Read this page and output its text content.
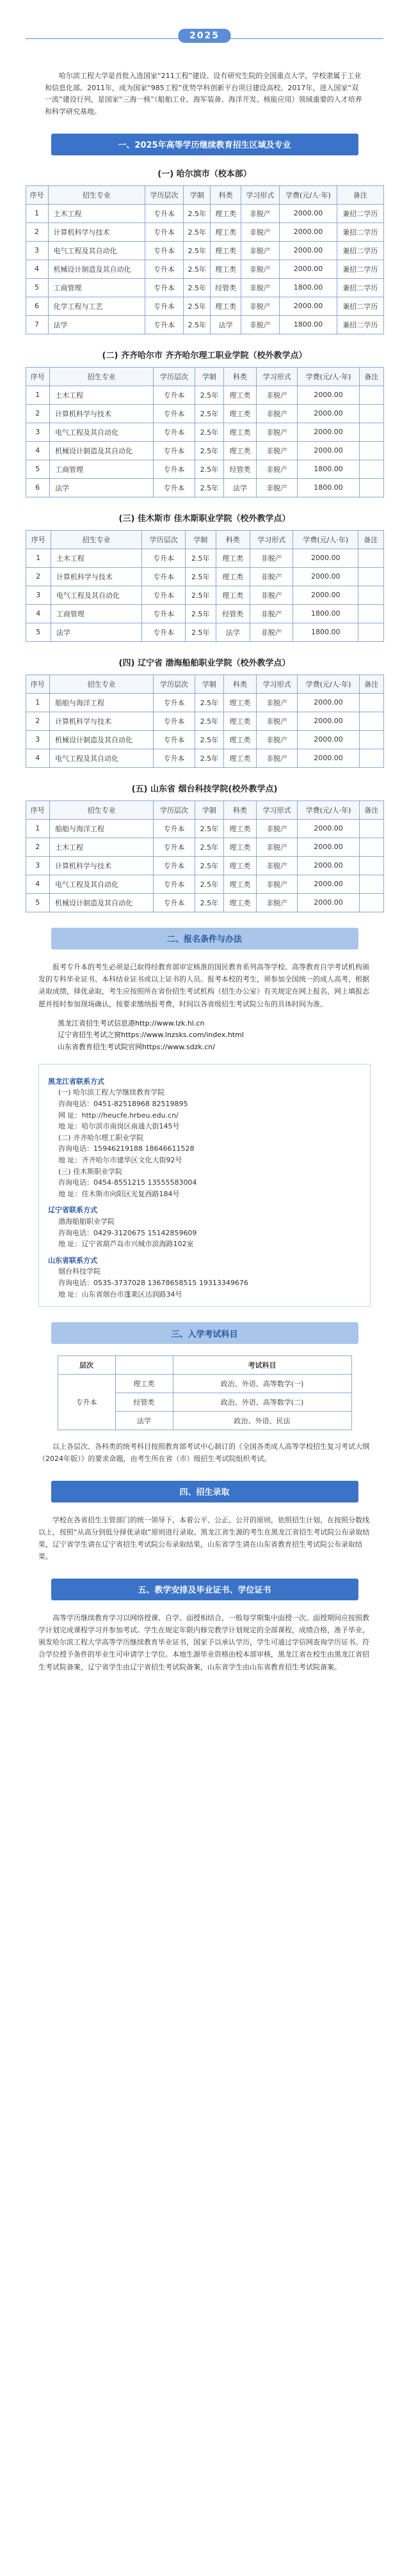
2025

哈尔滨工程大学是首批入选国家“211工程”建设、设有研究生院的全国重点大学，学校隶属于工业和信息化部。2011年，成为国家“985工程”优势学科创新平台项目建设高校。2017年，进入国家“双一流”建设行列，是国家“三海一核”（船舶工业、海军装备、海洋开发、核能应用）领域重要的人才培养和科学研究基地。

一、2025年高等学历继续教育招生区域及专业
(一) 哈尔滨市（校本部）
序号	招生专业	学历层次	学制	科类	学习形式	学费(元/人·年)	备注
1	土木工程	专升本	2.5年	理工类	非脱产	2000.00	兼招二学历
2	计算机科学与技术	专升本	2.5年	理工类	非脱产	2000.00	兼招二学历
3	电气工程及其自动化	专升本	2.5年	理工类	非脱产	2000.00	兼招二学历
4	机械设计制造及其自动化	专升本	2.5年	理工类	非脱产	2000.00	兼招二学历
5	工商管理	专升本	2.5年	经管类	非脱产	1800.00	兼招二学历
6	化学工程与工艺	专升本	2.5年	理工类	非脱产	2000.00	兼招二学历
7	法学	专升本	2.5年	法学	非脱产	1800.00	兼招二学历
(二) 齐齐哈尔市 齐齐哈尔理工职业学院（校外教学点）
序号	招生专业	学历层次	学制	科类	学习形式	学费(元/人·年)	备注
1	土木工程	专升本	2.5年	理工类	非脱产	2000.00	
2	计算机科学与技术	专升本	2.5年	理工类	非脱产	2000.00	
3	电气工程及其自动化	专升本	2.5年	理工类	非脱产	2000.00	
4	机械设计制造及其自动化	专升本	2.5年	理工类	非脱产	2000.00	
5	工商管理	专升本	2.5年	经管类	非脱产	1800.00	
6	法学	专升本	2.5年	法学	非脱产	1800.00	
(三) 佳木斯市 佳木斯职业学院（校外教学点）
序号	招生专业	学历层次	学制	科类	学习形式	学费(元/人·年)	备注
1	土木工程	专升本	2.5年	理工类	非脱产	2000.00	
2	计算机科学与技术	专升本	2.5年	理工类	非脱产	2000.00	
3	电气工程及其自动化	专升本	2.5年	理工类	非脱产	2000.00	
4	工商管理	专升本	2.5年	经管类	非脱产	1800.00	
5	法学	专升本	2.5年	法学	非脱产	1800.00	
(四) 辽宁省 渤海船舶职业学院（校外教学点）
序号	招生专业	学历层次	学制	科类	学习形式	学费(元/人·年)	备注
1	船舶与海洋工程	专升本	2.5年	理工类	非脱产	2000.00	
2	计算机科学与技术	专升本	2.5年	理工类	非脱产	2000.00	
3	机械设计制造及其自动化	专升本	2.5年	理工类	非脱产	2000.00	
4	电气工程及其自动化	专升本	2.5年	理工类	非脱产	2000.00	
(五) 山东省 烟台科技学院(校外教学点)
序号	招生专业	学历层次	学制	科类	学习形式	学费(元/人·年)	备注
1	船舶与海洋工程	专升本	2.5年	理工类	非脱产	2000.00	
2	土木工程	专升本	2.5年	理工类	非脱产	2000.00	
3	计算机科学与技术	专升本	2.5年	理工类	非脱产	2000.00	
4	电气工程及其自动化	专升本	2.5年	理工类	非脱产	2000.00	
5	机械设计制造及其自动化	专升本	2.5年	理工类	非脱产	2000.00	
二、报名条件与办法

报考专升本的考生必须是已取得经教育部审定核准的国民教育系列高等学校、高等教育自学考试机构颁发的专科毕业证书、本科结业证书或以上证书的人员。报考本校的考生，须参加全国统一的成人高考，根据录取成绩，择优录取，考生应按照所在省份招生考试机构（招生办公室）有关规定在网上报名、网上填报志愿并按时参加现场确认，按要求缴纳报考费，时间以各省级招生考试院公布的具体时间为准。

黑龙江省招生考试信息港http://www.lzk.hl.cn
辽宁省招生考试之窗https://www.lnzsks.com/index.html
山东省教育招生考试院官网https://www.sdzk.cn/
黑龙江省联系方式
(一) 哈尔滨工程大学继续教育学院
咨询电话：0451-82518968 82519895
网 址：http://heucfe.hrbeu.edu.cn/
地 址：哈尔滨市南岗区南通大街145号
(二) 齐齐哈尔理工职业学院
咨询电话：15946219188 18646611528
地 址：齐齐哈尔市建华区文化大街92号
(三) 佳木斯职业学院
咨询电话：0454-8551215 13555583004
地 址：佳木斯市向阳区光复西路184号
辽宁省联系方式
渤海船舶职业学院
咨询电话：0429-3120675 15142859609
地 址：辽宁省葫芦岛市兴城市滨海路102室
山东省联系方式
烟台科技学院
咨询电话：0535-3737028 13678658515 19313349676
地 址：山东省烟台市蓬莱区达润路34号
三、入学考试科目
层次		考试科目
专升本	理工类	政治、外语、高等数学(一)
	经管类	政治、外语、高等数学(二)
	法学	政治、外语、民法

以上各层次、各科类的统考科目按照教育部考试中心制订的《全国各类成人高等学校招生复习考试大纲（2024年版）》的要求命题，由考生所在省（市）级招生考试院组织考试。

四、招生录取

学校在各省招生主管部门的统一领导下，本着公平、公正、公开的原则，依照招生计划，在按照分数线以上，按照“从高分到低分择优录取”原则进行录取。黑龙江省生源的考生在黑龙江省招生考试院公布录取结果，辽宁省学生请在辽宁省招生考试院公布录取结果，山东省学生请在山东省教育招生考试院公布录取结果。

五、教学安排及毕业证书、学位证书

高等学历继续教育学习以网络授课、自学、面授相结合，一般每学期集中面授一次。面授期间应按照教学计划完成课程学习并参加考试。学生在规定年限内修完教学计划规定的全部课程，成绩合格，准予毕业，颁发哈尔滨工程大学高等学历继续教育毕业证书，国家予以承认学历，学生可通过学信网查询学历证书。符合学位授予条件的毕业生可申请学士学位。本地生源毕业资格由校本部审核，黑龙江省在校生由黑龙江省招生考试院备案，辽宁省学生由辽宁省招生考试院备案，山东省学生由山东省教育招生考试院备案。
